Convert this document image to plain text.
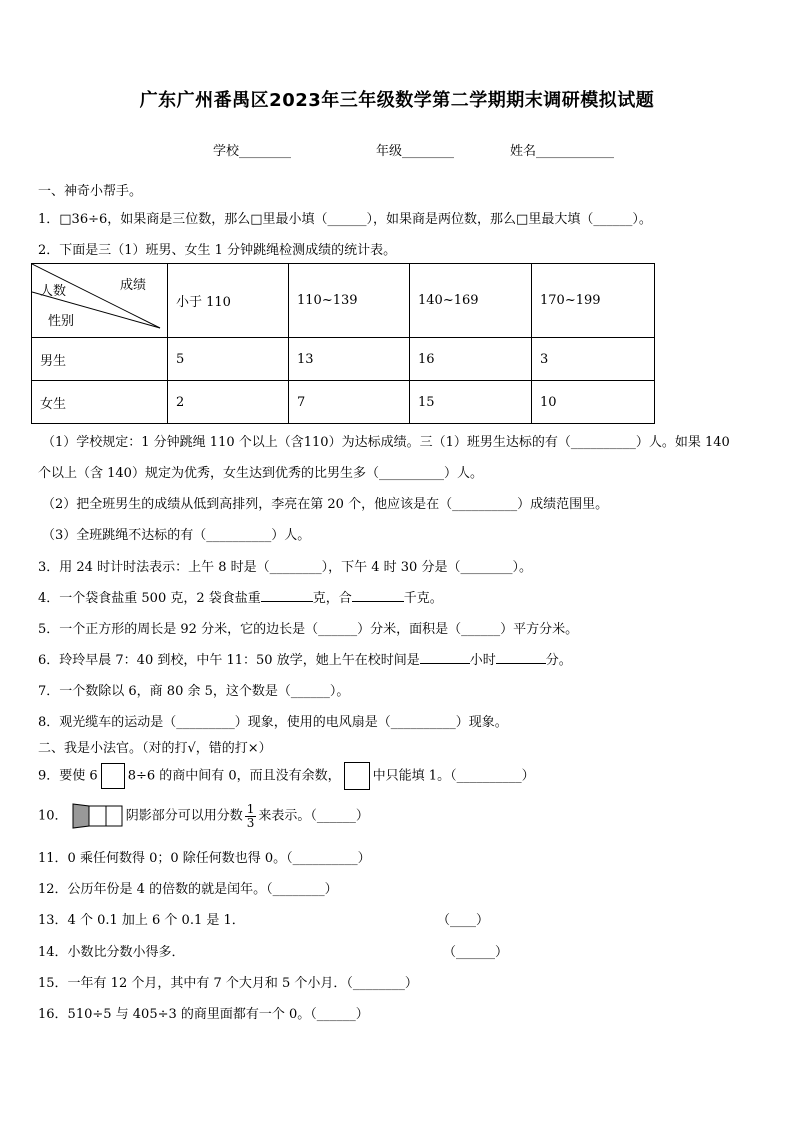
广东广州番禺区2023年三年级数学第二学期期末调研模拟试题
学校________	年级________	姓名____________
一、神奇小帮手。
1．□36÷6，如果商是三位数，那么□里最小填（______），如果商是两位数，那么□里最大填（______）。
2．下面是三（1）班男、女生 1 分钟跳绳检测成绩的统计表。
成绩
人数
性别	小于 110	110~139	140~169	170~199
男生	5	13	16	3
女生	2	7	15	10
（1）学校规定：1 分钟跳绳 110 个以上（含110）为达标成绩。三（1）班男生达标的有（__________）人。如果 140
个以上（含 140）规定为优秀，女生达到优秀的比男生多（__________）人。
（2）把全班男生的成绩从低到高排列，李亮在第 20 个，他应该是在（__________）成绩范围里。
（3）全班跳绳不达标的有（__________）人。
3．用 24 时计时法表示：上午 8 时是（________），下午 4 时 30 分是（________）。
4．一个袋食盐重 500 克，2 袋食盐重	克，合	千克。
5．一个正方形的周长是 92 分米，它的边长是（______）分米，面积是（______）平方分米。
6．玲玲早晨 7：40 到校，中午 11：50 放学，她上午在校时间是	小时	分。
7．一个数除以 6，商 80 余 5，这个数是（______）。
8．观光缆车的运动是（_________）现象，使用的电风扇是（__________）现象。
二、我是小法官。（对的打√，错的打×）
9．要使 6 8÷6 的商中间有 0，而且没有余数， 中只能填 1。（__________）
10．	阴影部分可以用分数 $\frac{1}{3}$ 来表示。（______）
11．0 乘任何数得 0；0 除任何数也得 0。（__________）
12．公历年份是 4 的倍数的就是闰年。（________）
13．4 个 0.1 加上 6 个 0.1 是 1．	（____）
14．小数比分数小得多．	（______）
15．一年有 12 个月，其中有 7 个大月和 5 个小月．（________）
16．510÷5 与 405÷3 的商里面都有一个 0。（______）
